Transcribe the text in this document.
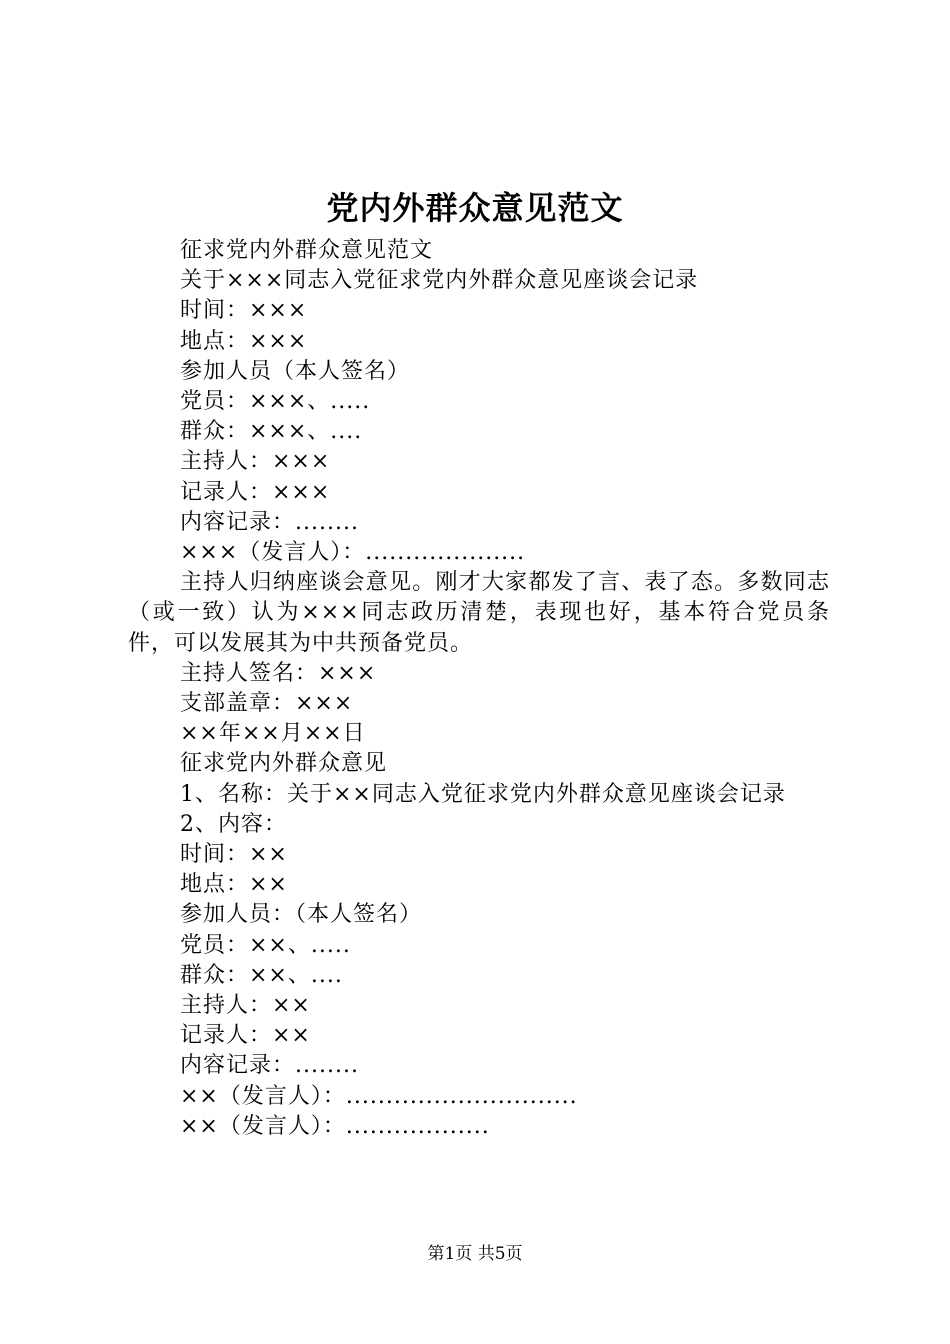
党内外群众意见范文
征求党内外群众意见范文
关于×××同志入党征求党内外群众意见座谈会记录
时间：×××
地点：×××
参加人员（本人签名）
党员：×××、.....
群众：×××、....
主持人：×××
记录人：×××
内容记录：........
×××（发言人）：....................
主持人归纳座谈会意见。刚才大家都发了言、表了态。多数同志（或一致）认为×××同志政历清楚，表现也好，基本符合党员条件，可以发展其为中共预备党员。
主持人签名：×××
支部盖章：×××
××年××月××日
征求党内外群众意见
1、名称：关于××同志入党征求党内外群众意见座谈会记录
2、内容：
时间：××
地点：××
参加人员：（本人签名）
党员：××、.....
群众：××、....
主持人：××
记录人：××
内容记录：........
××（发言人）：.............................
××（发言人）：..................
第1页 共5页
